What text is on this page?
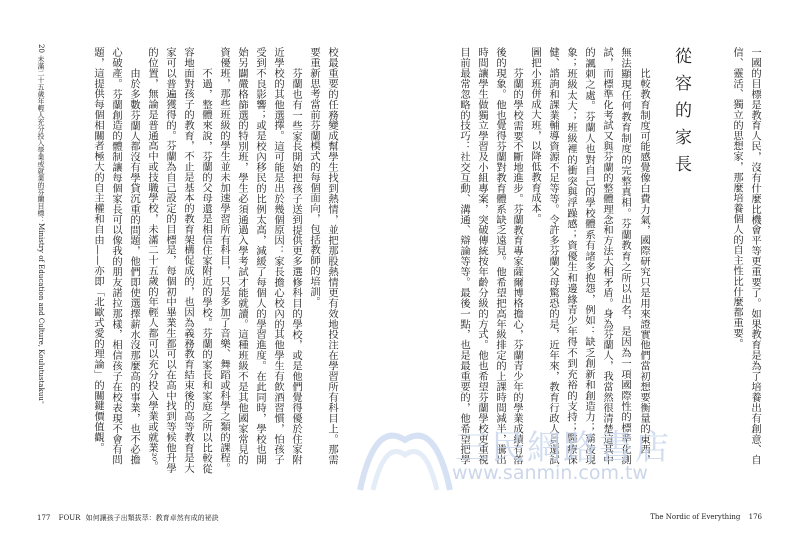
一國的目標是教育人民，沒有什麼比機會平等更重要了。如果教育是為了培養出有創意、自
信、靈活、獨立的思想家，那麼培養個人的自主性比什麼都重要。
比較教育制度可能感覺像白費力氣，國際研究只是用來證實他們當初想要衡量的東西，
無法顯現任何教育制度的完整真相。芬蘭教育之所以出名，是因為一項國際性的標準化測
試，而標準化考試又與芬蘭的整體理念和方法大相矛盾。身為芬蘭人，我當然很清楚這其中
的諷刺之處。芬蘭人也對自己的學校體系有諸多抱怨，例如：缺乏創新和創造力；霸凌現
象；班級太大；班級裡的衝突與浮躁感；資優生和邊緣青少年得不到充裕的支持；醫療保
健、諮詢和課業輔導資源不足等等。令許多芬蘭父母驚恐的是，近年來，教育行政人員還試
圖把小班併成大班，以降低教育成本。
芬蘭的學校需要不斷地進步。芬蘭教育專家薩爾博格擔心，芬蘭青少年的學業成績有落
後的現象。他也覺得芬蘭對教育體系缺乏遠見。他希望把高年級排定的上課時間減半，騰出
時間讓學生做獨立學習及小組專案，突破傳統按年齡分級的方式。他也希望芬蘭學校更重視
目前最常忽略的技巧：社交互動、溝通、辯論等等。最後一點，也是最重要的，他希望把學	從容的家長
校最重要的任務變成幫學生找到熱情，並把那股熱情更有效地投注在學習所有科目上。那需
要重新思考當前芬蘭模式的每個面向，包括教師的培訓。
芬蘭也有一些家長開始把孩子送到提供更多選修科目的學校，或是他們覺得優於住家附
近學校的其他選擇。這可能是出於幾個原因：家長擔心校內的其他學生有飲酒習慣，怕孩子
受到不良影響；或是校內移民的比例太高，減緩了每個人的學習進度。在此同時，學校也開
始另闢嚴格篩選的特別班，學生必須通過入學考試才能就讀。這種班級不是其他國家常見的
資優班，那些班級的學生並未加速學習所有科目，只是多加了音樂、舞蹈或科學之類的課程。
不過，整體來說，芬蘭的父母還是相信住家附近的學校。芬蘭的家長和家庭之所以比較從
容地面對孩子的教育，不止是基本的教育架構促成的，也因為義務教育結束後的高等教育是大
家可以普遍獲得的。芬蘭為自己設定的目標是，每個初中畢業生都可以在高中找到等候他升學
的位置，無論是普通高中或技職學校，未滿二十五歲的年輕人都可以充分投入學業或就業²⁰。
由於多數芬蘭人都沒有學貸沉重的問題，他們即使選擇薪水沒那麼高的事業，也不必擔
心破產。芬蘭創造的體制讓每個家長可以像我的朋友諾拉那樣，相信孩子在校表現不會有問
題，這提供每個相關者極大的自主權和自由——亦即「北歐式愛的理論」的關鍵價值觀。
20 未滿二十五歲年輕人充分投入學業或就業的芬蘭目標：Ministry of Education and Culture, Koulutustakuu。
三民網路書店
www.sanmin.com.tw
177 FOUR 如何讓孩子出類拔萃：教育卓然有成的祕訣	The Nordic of Everything 176
